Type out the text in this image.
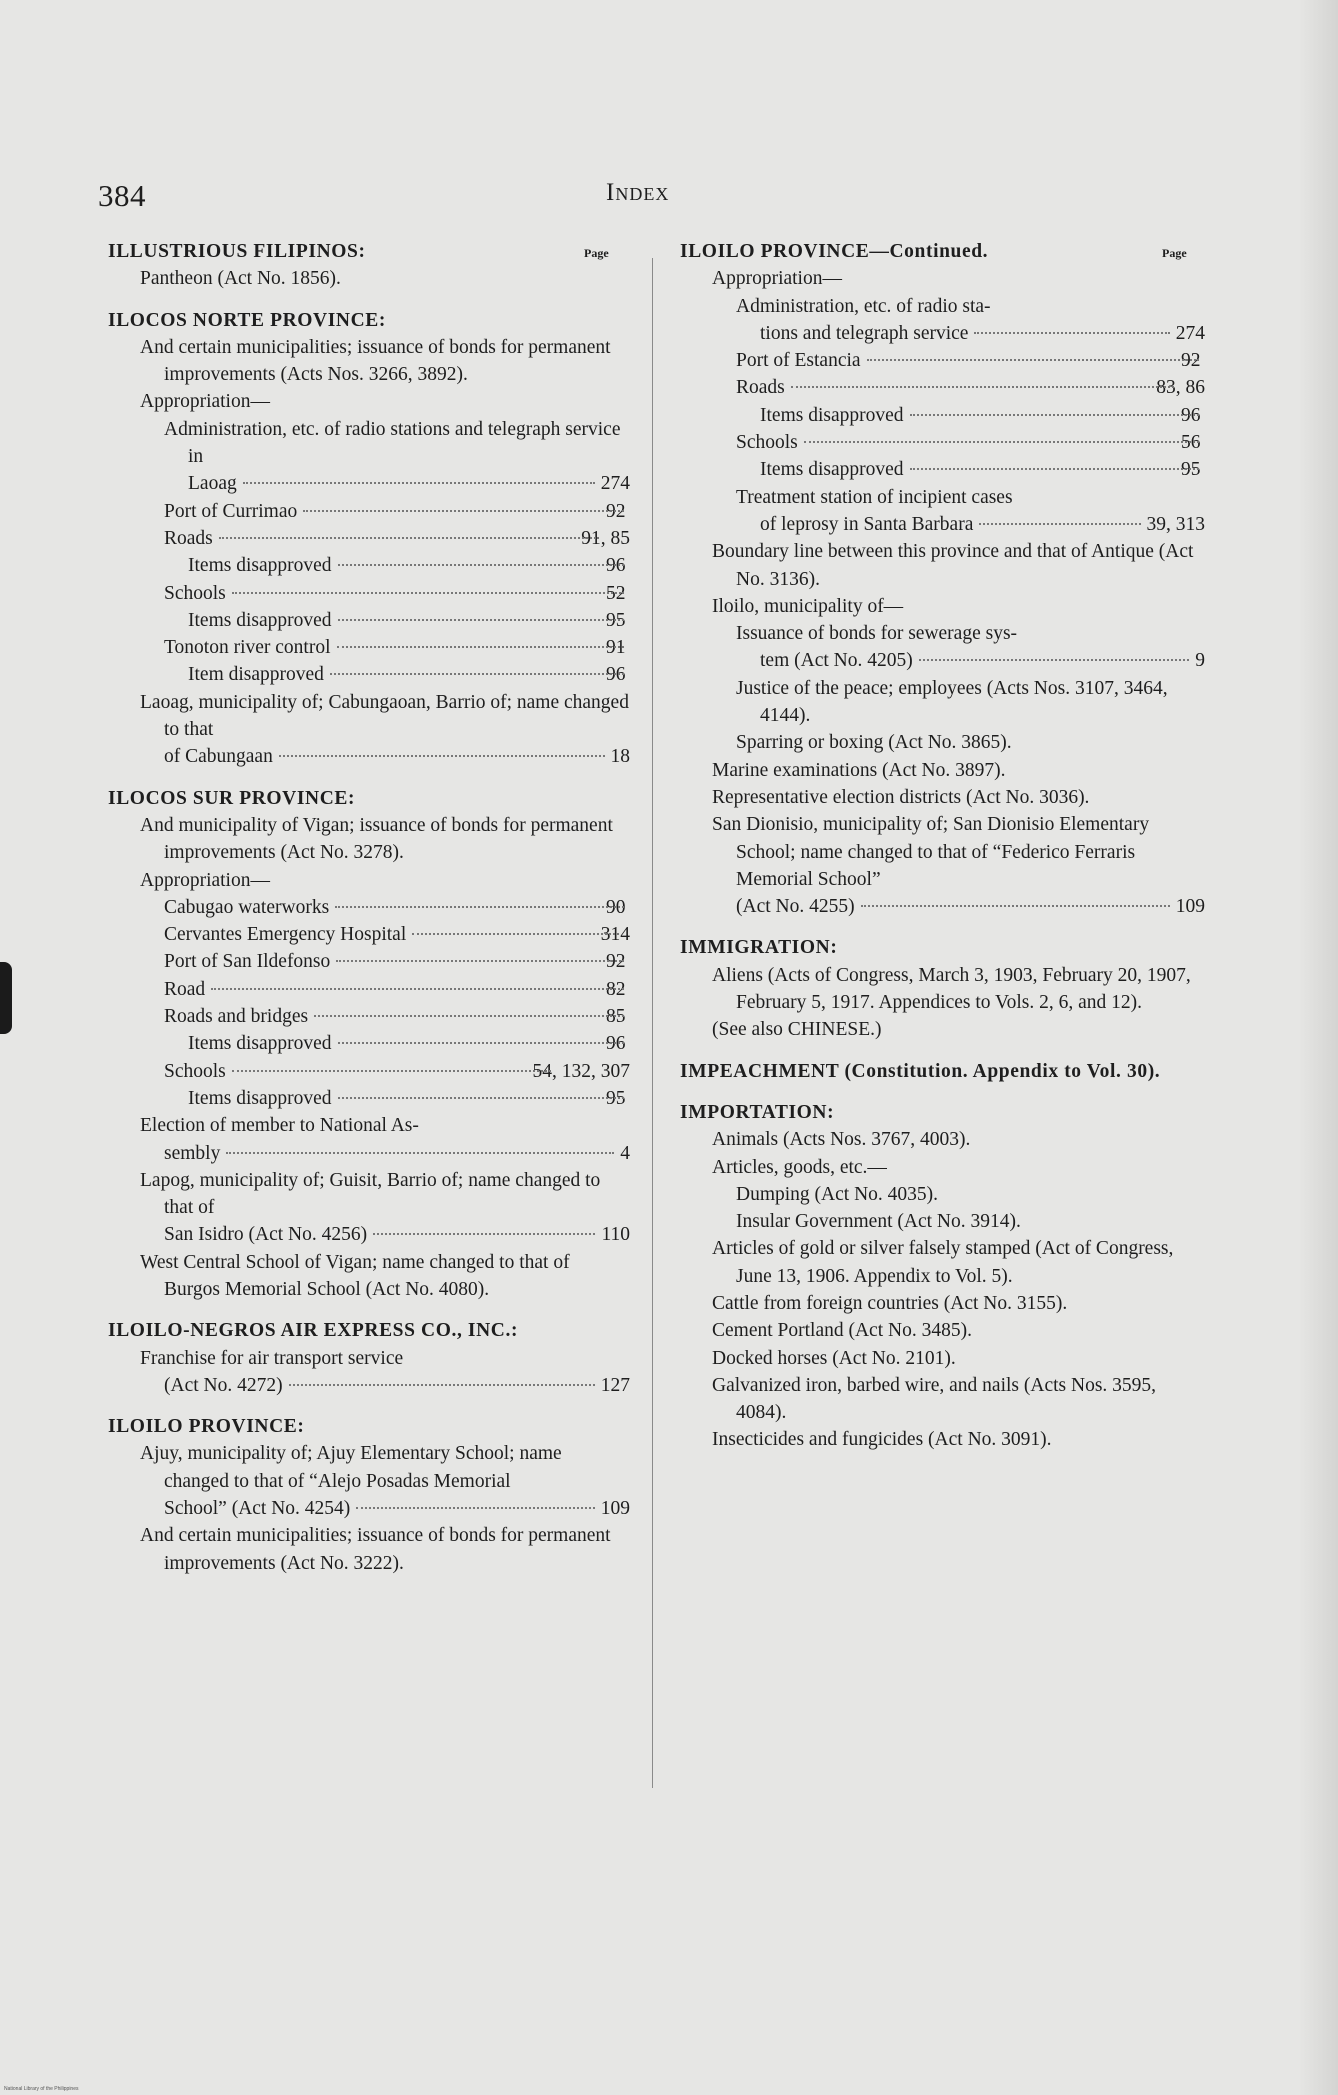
384	Index
Page	Page
ILLUSTRIOUS FILIPINOS:
Pantheon (Act No. 1856).
ILOCOS NORTE PROVINCE:
And certain municipalities; issuance of bonds for permanent improvements (Acts Nos. 3266, 3892).
Appropriation—
Administration, etc. of radio stations and telegraph service in
Laoag	274
Port of Currimao	92
Roads	91, 85
Items disapproved	96
Schools	52
Items disapproved	95
Tonoton river control	91
Item disapproved	96
Laoag, municipality of; Cabungaoan, Barrio of; name changed to that
of Cabungaan	18
ILOCOS SUR PROVINCE:
And municipality of Vigan; issuance of bonds for permanent improvements (Act No. 3278).
Appropriation—
Cabugao waterworks	90
Cervantes Emergency Hospital	314
Port of San Ildefonso	92
Road	82
Roads and bridges	85
Items disapproved	96
Schools	54, 132, 307
Items disapproved	95
Election of member to National As-
sembly	4
Lapog, municipality of; Guisit, Barrio of; name changed to that of
San Isidro (Act No. 4256)	110
West Central School of Vigan; name changed to that of Burgos Memorial School (Act No. 4080).
ILOILO-NEGROS AIR EXPRESS CO., INC.:
Franchise for air transport service
(Act No. 4272)	127
ILOILO PROVINCE:
Ajuy, municipality of; Ajuy Elementary School; name changed to that of “Alejo Posadas Memorial
School” (Act No. 4254)	109
And certain municipalities; issuance of bonds for permanent improvements (Act No. 3222).
ILOILO PROVINCE—Continued.
Appropriation—
Administration, etc. of radio sta-
tions and telegraph service	274
Port of Estancia	92
Roads	83, 86
Items disapproved	96
Schools	56
Items disapproved	95
Treatment station of incipient cases
of leprosy in Santa Barbara	39, 313
Boundary line between this province and that of Antique (Act No. 3136).
Iloilo, municipality of—
Issuance of bonds for sewerage sys-
tem (Act No. 4205)	9
Justice of the peace; employees (Acts Nos. 3107, 3464, 4144).
Sparring or boxing (Act No. 3865).
Marine examinations (Act No. 3897).
Representative election districts (Act No. 3036).
San Dionisio, municipality of; San Dionisio Elementary School; name changed to that of “Federico Ferraris Memorial School”
(Act No. 4255)	109
IMMIGRATION:
Aliens (Acts of Congress, March 3, 1903, February 20, 1907, February 5, 1917. Appendices to Vols. 2, 6, and 12).
(See also CHINESE.)
IMPEACHMENT (Constitution. Appendix to Vol. 30).
IMPORTATION:
Animals (Acts Nos. 3767, 4003).
Articles, goods, etc.—
Dumping (Act No. 4035).
Insular Government (Act No. 3914).
Articles of gold or silver falsely stamped (Act of Congress, June 13, 1906. Appendix to Vol. 5).
Cattle from foreign countries (Act No. 3155).
Cement Portland (Act No. 3485).
Docked horses (Act No. 2101).
Galvanized iron, barbed wire, and nails (Acts Nos. 3595, 4084).
Insecticides and fungicides (Act No. 3091).
National Library of the Philippines
